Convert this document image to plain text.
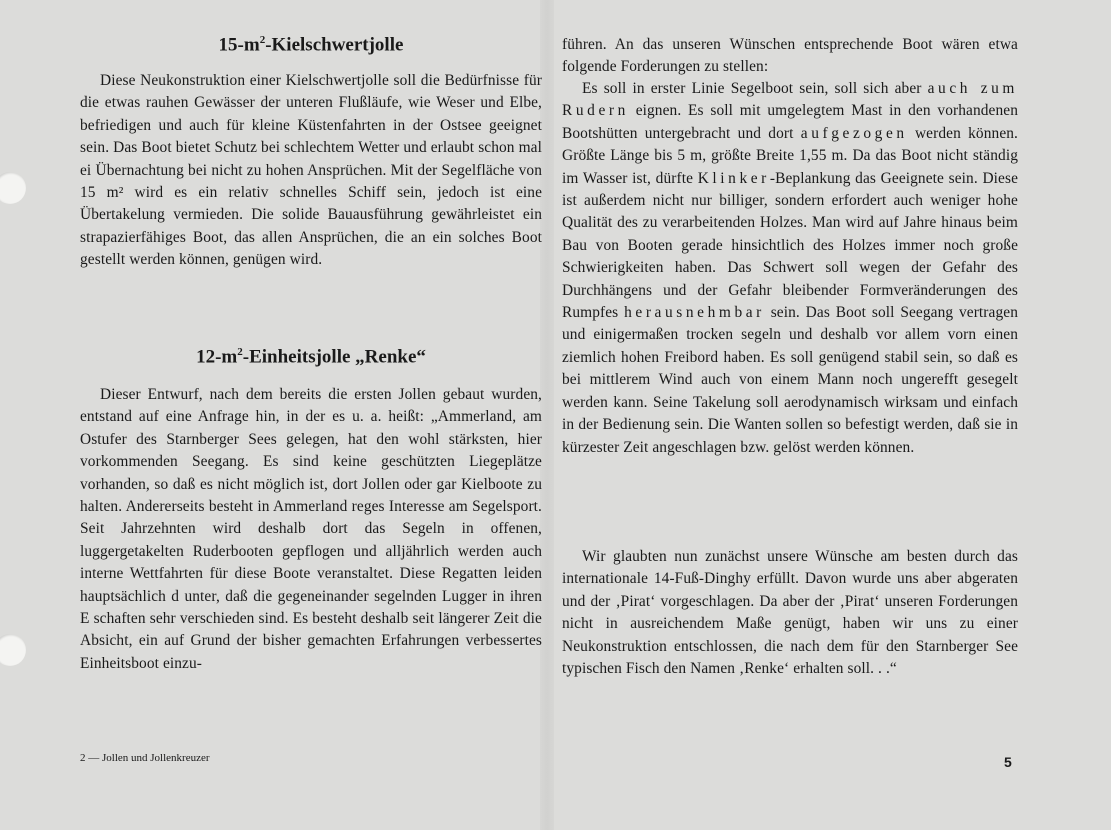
$15-m^2$-Kielschwertjolle

Diese Neukonstruktion einer Kielschwertjolle soll die Bedürfnisse für die etwas rauhen Gewässer der unteren Flußläufe, wie Weser und Elbe, befriedigen und auch für kleine Küstenfahrten in der Ostsee geeignet sein. Das Boot bietet Schutz bei schlechtem Wetter und erlaubt schon mal ei Übernachtung bei nicht zu hohen Ansprüchen. Mit der Segelfläche von 15 m² wird es ein relativ schnelles Schiff sein, jedoch ist eine Übertakelung vermieden. Die solide Bauausführung gewährleistet ein strapazierfähiges Boot, das allen Ansprüchen, die an ein solches Boot gestellt werden können, genügen wird.

$12-m^2$-Einheitsjolle „Renke“

Dieser Entwurf, nach dem bereits die ersten Jollen gebaut wurden, entstand auf eine Anfrage hin, in der es u. a. heißt: „Ammerland, am Ostufer des Starnberger Sees gelegen, hat den wohl stärksten, hier vorkommenden Seegang. Es sind keine geschützten Liegeplätze vorhanden, so daß es nicht möglich ist, dort Jollen oder gar Kielboote zu halten. Andererseits besteht in Ammerland reges Interesse am Segelsport. Seit Jahrzehnten wird deshalb dort das Segeln in offenen, luggergetakelten Ruderbooten gepflogen und alljährlich werden auch interne Wettfahrten für diese Boote veranstaltet. Diese Regatten leiden hauptsächlich d unter, daß die gegeneinander segelnden Lugger in ihren E schaften sehr verschieden sind. Es besteht deshalb seit längerer Zeit die Absicht, ein auf Grund der bisher gemachten Erfahrungen verbessertes Einheitsboot einzu-

führen. An das unseren Wünschen entsprechende Boot wären etwa folgende Forderungen zu stellen:

Es soll in erster Linie Segelboot sein, soll sich aber auch zum Rudern eignen. Es soll mit umgelegtem Mast in den vorhandenen Bootshütten untergebracht und dort aufgezogen werden können. Größte Länge bis 5 m, größte Breite 1,55 m. Da das Boot nicht ständig im Wasser ist, dürfte Klinker-Beplankung das Geeignete sein. Diese ist außerdem nicht nur billiger, sondern erfordert auch weniger hohe Qualität des zu verarbeitenden Holzes. Man wird auf Jahre hinaus beim Bau von Booten gerade hinsichtlich des Holzes immer noch große Schwierigkeiten haben. Das Schwert soll wegen der Gefahr des Durchhängens und der Gefahr bleibender Formveränderungen des Rumpfes herausnehmbar sein. Das Boot soll Seegang vertragen und einigermaßen trocken segeln und deshalb vor allem vorn einen ziemlich hohen Freibord haben. Es soll genügend stabil sein, so daß es bei mittlerem Wind auch von einem Mann noch ungerefft gesegelt werden kann. Seine Takelung soll aerodynamisch wirksam und einfach in der Bedienung sein. Die Wanten sollen so befestigt werden, daß sie in kürzester Zeit angeschlagen bzw. gelöst werden können.

Wir glaubten nun zunächst unsere Wünsche am besten durch das internationale 14-Fuß-Dinghy erfüllt. Davon wurde uns aber abgeraten und der ‚Pirat‘ vorgeschlagen. Da aber der ‚Pirat‘ unseren Forderungen nicht in ausreichendem Maße genügt, haben wir uns zu einer Neukonstruktion entschlossen, die nach dem für den Starnberger See typischen Fisch den Namen ‚Renke‘ erhalten soll. . .“

2 — Jollen und Jollenkreuzer	5
